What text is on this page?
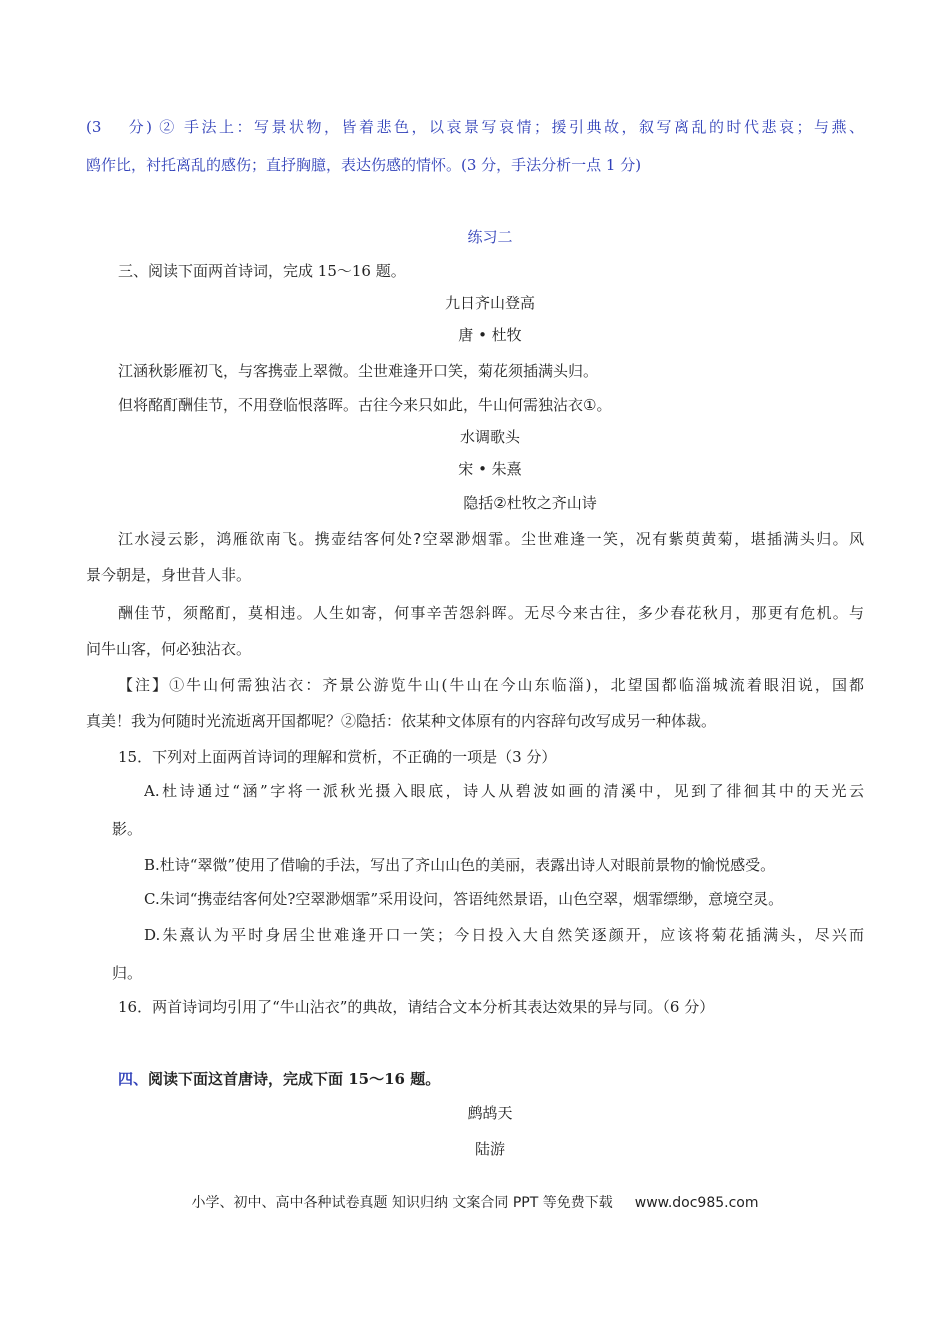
(3　 分) ② 手法上：写景状物，皆着悲色，以哀景写哀情；援引典故，叙写离乱的时代悲哀；与燕、
鸥作比，衬托离乱的感伤；直抒胸臆，表达伤感的情怀。(3 分，手法分析一点 1 分)
练习二
三、阅读下面两首诗词，完成 15～16 题。
九日齐山登高
唐 • 杜牧
江涵秋影雁初飞，与客携壶上翠微。尘世难逢开口笑，菊花须插满头归。
但将酩酊酬佳节，不用登临恨落晖。古往今来只如此，牛山何需独沾衣①。
水调歌头
宋 • 朱熹
隐括②杜牧之齐山诗
江水浸云影，鸿雁欲南飞。携壶结客何处?空翠渺烟霏。尘世难逢一笑，况有紫萸黄菊，堪插满头归。风
景今朝是，身世昔人非。
酬佳节，须酩酊，莫相违。人生如寄，何事辛苦怨斜晖。无尽今来古往，多少春花秋月，那更有危机。与
问牛山客，何必独沾衣。
【注】①牛山何需独沾衣：齐景公游览牛山(牛山在今山东临淄)，北望国都临淄城流着眼泪说，国都
真美！我为何随时光流逝离开国都呢？②隐括：依某种文体原有的内容辞句改写成另一种体裁。
15．下列对上面两首诗词的理解和赏析，不正确的一项是（3 分）
A.杜诗通过“涵”字将一派秋光摄入眼底，诗人从碧波如画的清溪中，见到了徘徊其中的天光云
影。
B.杜诗“翠微”使用了借喻的手法，写出了齐山山色的美丽，表露出诗人对眼前景物的愉悦感受。
C.朱词“携壶结客何处?空翠渺烟霏”采用设问，答语纯然景语，山色空翠，烟霏缥缈，意境空灵。
D.朱熹认为平时身居尘世难逢开口一笑；今日投入大自然笑逐颜开，应该将菊花插满头，尽兴而
归。
16．两首诗词均引用了“牛山沾衣”的典故，请结合文本分析其表达效果的异与同。（6 分）
四、阅读下面这首唐诗，完成下面 15～16 题。
鹧鸪天
陆游
小学、初中、高中各种试卷真题 知识归纳 文案合同 PPT 等免费下载 www.doc985.com
